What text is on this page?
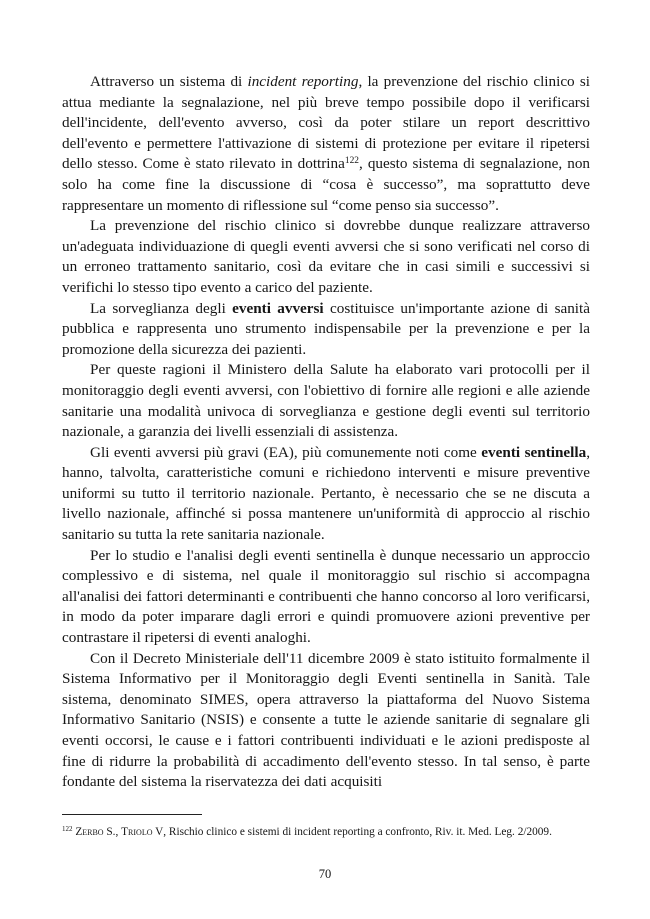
Attraverso un sistema di incident reporting, la prevenzione del rischio clinico si attua mediante la segnalazione, nel più breve tempo possibile dopo il verificarsi dell'incidente, dell'evento avverso, così da poter stilare un report descrittivo dell'evento e permettere l'attivazione di sistemi di protezione per evitare il ripetersi dello stesso. Come è stato rilevato in dottrina$^{122}$, questo sistema di segnalazione, non solo ha come fine la discussione di “cosa è successo”, ma soprattutto deve rappresentare un momento di riflessione sul “come penso sia successo”.

La prevenzione del rischio clinico si dovrebbe dunque realizzare attraverso un'adeguata individuazione di quegli eventi avversi che si sono verificati nel corso di un erroneo trattamento sanitario, così da evitare che in casi simili e successivi si verifichi lo stesso tipo evento a carico del paziente.

La sorveglianza degli eventi avversi costituisce un'importante azione di sanità pubblica e rappresenta uno strumento indispensabile per la prevenzione e per la promozione della sicurezza dei pazienti.

Per queste ragioni il Ministero della Salute ha elaborato vari protocolli per il monitoraggio degli eventi avversi, con l'obiettivo di fornire alle regioni e alle aziende sanitarie una modalità univoca di sorveglianza e gestione degli eventi sul territorio nazionale, a garanzia dei livelli essenziali di assistenza.

Gli eventi avversi più gravi (EA), più comunemente noti come eventi sentinella, hanno, talvolta, caratteristiche comuni e richiedono interventi e misure preventive uniformi su tutto il territorio nazionale. Pertanto, è necessario che se ne discuta a livello nazionale, affinché si possa mantenere un'uniformità di approccio al rischio sanitario su tutta la rete sanitaria nazionale.

Per lo studio e l'analisi degli eventi sentinella è dunque necessario un approccio complessivo e di sistema, nel quale il monitoraggio sul rischio si accompagna all'analisi dei fattori determinanti e contribuenti che hanno concorso al loro verificarsi, in modo da poter imparare dagli errori e quindi promuovere azioni preventive per contrastare il ripetersi di eventi analoghi.

Con il Decreto Ministeriale dell'11 dicembre 2009 è stato istituito formalmente il Sistema Informativo per il Monitoraggio degli Eventi sentinella in Sanità. Tale sistema, denominato SIMES, opera attraverso la piattaforma del Nuovo Sistema Informativo Sanitario (NSIS) e consente a tutte le aziende sanitarie di segnalare gli eventi occorsi, le cause e i fattori contribuenti individuati e le azioni predisposte al fine di ridurre la probabilità di accadimento dell'evento stesso. In tal senso, è parte fondante del sistema la riservatezza dei dati acquisiti

$^{122}$ Zerbo S., Triolo V, Rischio clinico e sistemi di incident reporting a confronto, Riv. it. Med. Leg. 2/2009.

70
